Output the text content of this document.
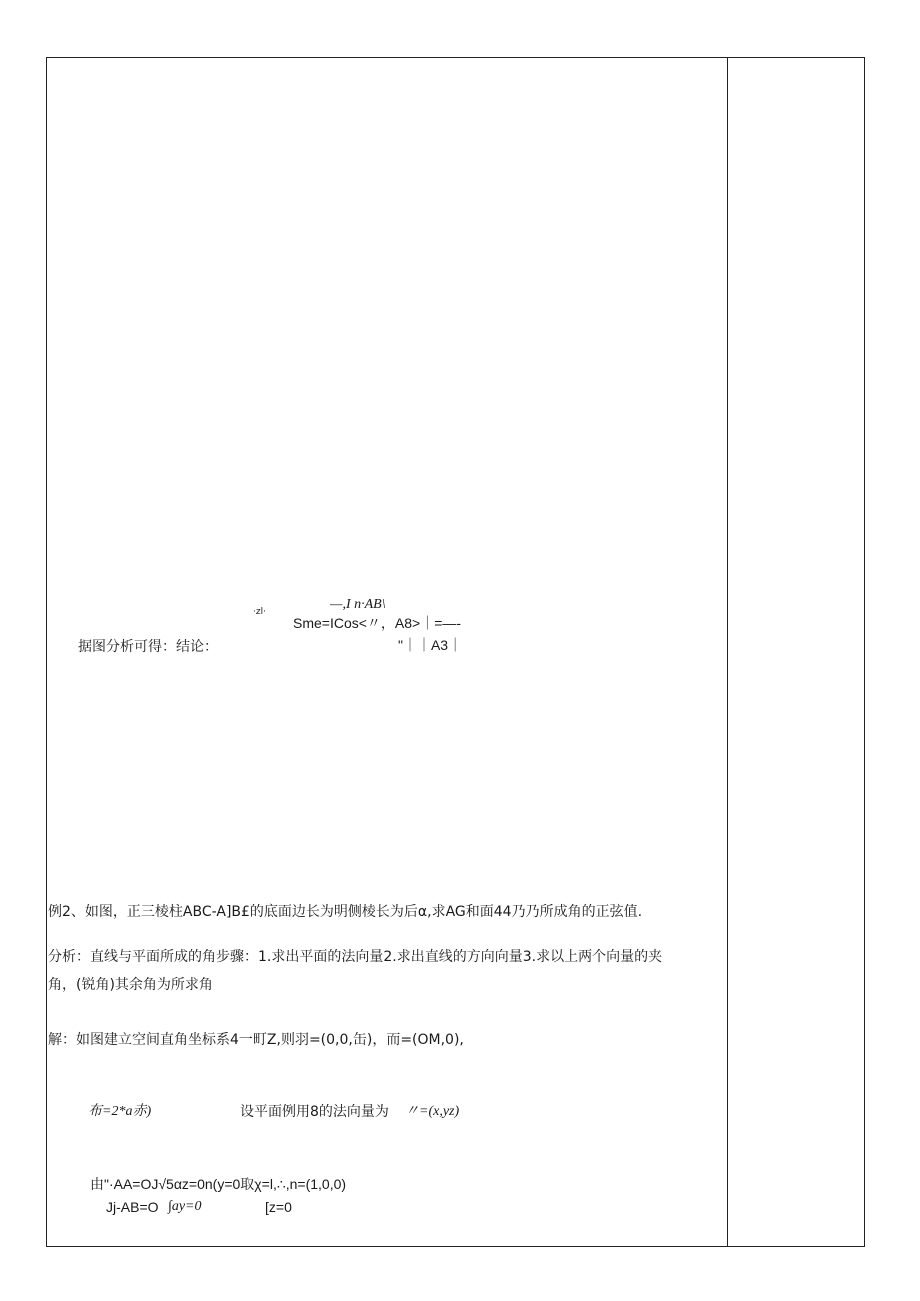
·zl·	—,I n·AB\
Sme=ICos<〃，A8>｜=—-
据图分析可得：结论：	"｜｜A3｜
例2、如图，正三棱柱ABC-A]B£的底面边长为明侧棱长为后α,求AG和面44乃乃所成角的正弦值.
分析：直线与平面所成的角步骤：1.求出平面的法向量2.求出直线的方向向量3.求以上两个向量的夹
角，(锐角)其余角为所求角
解：如图建立空间直角坐标系4一町Z,则羽=(0,0,缶)，而=(OM,0),
布=2*a赤)	设平面例用8的法向量为 〃=(x,yz)
由"·AA=OJ√5αz=0n(y=0取χ=l,∴,n=(1,0,0)
Jj-AB=O ∫ay=0	[z=0
